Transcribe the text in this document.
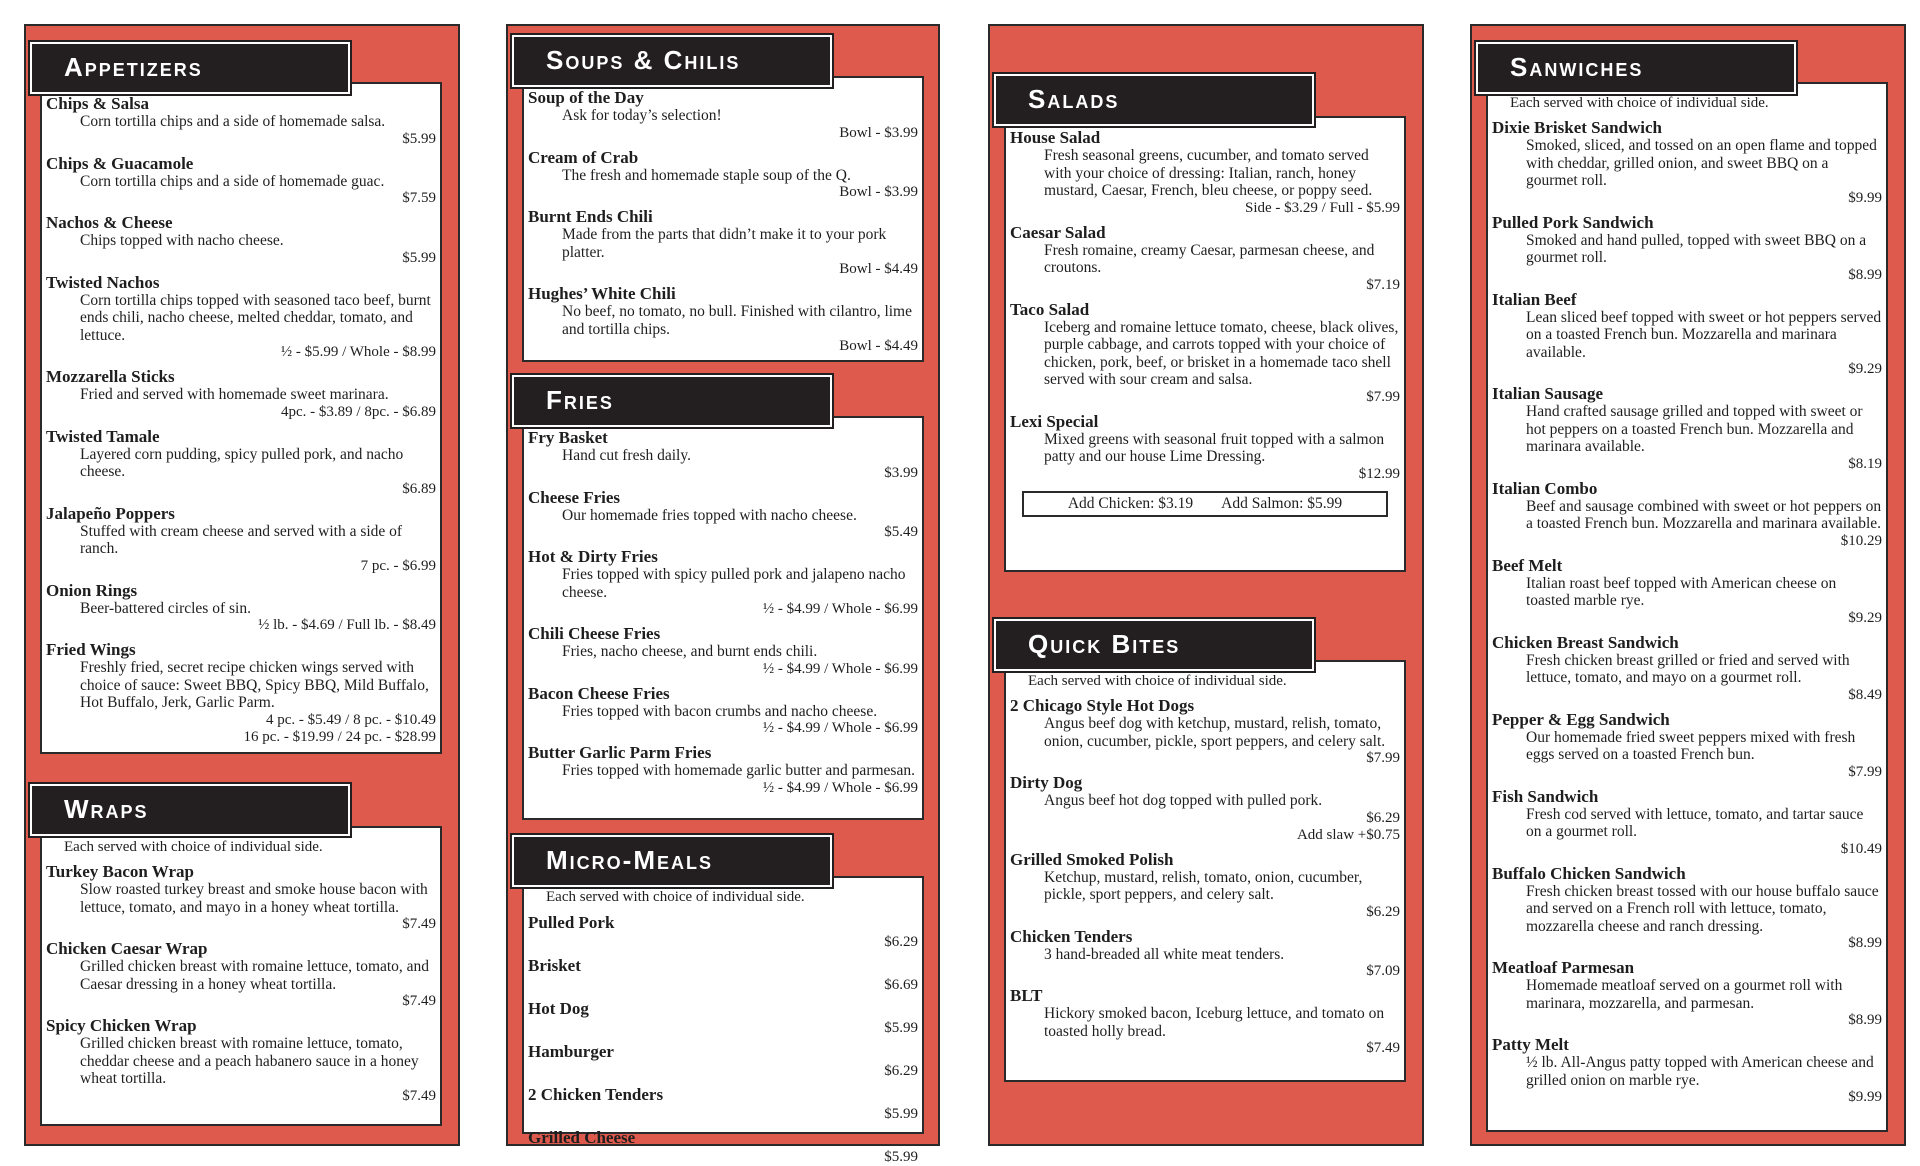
Chips & Salsa
Corn tortilla chips and a side of homemade salsa.
$5.99
Chips & Guacamole
Corn tortilla chips and a side of homemade guac.
$7.59
Nachos & Cheese
Chips topped with nacho cheese.
$5.99
Twisted Nachos
Corn tortilla chips topped with seasoned taco beef, burnt ends chili, nacho cheese, melted cheddar, tomato, and lettuce.
½ - $5.99 / Whole - $8.99
Mozzarella Sticks
Fried and served with homemade sweet marinara.
4pc. - $3.89 / 8pc. - $6.89
Twisted Tamale
Layered corn pudding, spicy pulled pork, and nacho cheese.
$6.89
Jalapeño Poppers
Stuffed with cream cheese and served with a side of ranch.
7 pc. - $6.99
Onion Rings
Beer-battered circles of sin.
½ lb. - $4.69 / Full lb. - $8.49
Fried Wings
Freshly fried, secret recipe chicken wings served with choice of sauce: Sweet BBQ, Spicy BBQ, Mild Buffalo, Hot Buffalo, Jerk, Garlic Parm.
4 pc. - $5.49 / 8 pc. - $10.49
16 pc. - $19.99 / 24 pc. - $28.99
Appetizers
Each served with choice of individual side.
Turkey Bacon Wrap
Slow roasted turkey breast and smoke house bacon with lettuce, tomato, and mayo in a honey wheat tortilla.
$7.49
Chicken Caesar Wrap
Grilled chicken breast with romaine lettuce, tomato, and Caesar dressing in a honey wheat tortilla.
$7.49
Spicy Chicken Wrap
Grilled chicken breast with romaine lettuce, tomato, cheddar cheese and a peach habanero sauce in a honey wheat tortilla.
$7.49
Wraps
Soup of the Day
Ask for today’s selection!
Bowl - $3.99
Cream of Crab
The fresh and homemade staple soup of the Q.
Bowl - $3.99
Burnt Ends Chili
Made from the parts that didn’t make it to your pork platter.
Bowl - $4.49
Hughes’ White Chili
No beef, no tomato, no bull. Finished with cilantro, lime and tortilla chips.
Bowl - $4.49
Soups & Chilis
Fry Basket
Hand cut fresh daily.
$3.99
Cheese Fries
Our homemade fries topped with nacho cheese.
$5.49
Hot & Dirty Fries
Fries topped with spicy pulled pork and jalapeno nacho cheese.
½ - $4.99 / Whole - $6.99
Chili Cheese Fries
Fries, nacho cheese, and burnt ends chili.
½ - $4.99 / Whole - $6.99
Bacon Cheese Fries
Fries topped with bacon crumbs and nacho cheese.
½ - $4.99 / Whole - $6.99
Butter Garlic Parm Fries
Fries topped with homemade garlic butter and parmesan.
½ - $4.99 / Whole - $6.99
Fries
Each served with choice of individual side.
Pulled Pork
$6.29
Brisket
$6.69
Hot Dog
$5.99
Hamburger
$6.29
2 Chicken Tenders
$5.99
Grilled Cheese
$5.99
Micro-Meals
House Salad
Fresh seasonal greens, cucumber, and tomato served with your choice of dressing: Italian, ranch, honey mustard, Caesar, French, bleu cheese, or poppy seed.
Side - $3.29 / Full - $5.99
Caesar Salad
Fresh romaine, creamy Caesar, parmesan cheese, and croutons.
$7.19
Taco Salad
Iceberg and romaine lettuce tomato, cheese, black olives, purple cabbage, and carrots topped with your choice of chicken, pork, beef, or brisket in a homemade taco shell served with sour cream and salsa.
$7.99
Lexi Special
Mixed greens with seasonal fruit topped with a salmon patty and our house Lime Dressing.
$12.99
Add Chicken: $3.19 Add Salmon: $5.99
Salads
Each served with choice of individual side.
2 Chicago Style Hot Dogs
Angus beef dog with ketchup, mustard, relish, tomato, onion, cucumber, pickle, sport peppers, and celery salt.
$7.99
Dirty Dog
Angus beef hot dog topped with pulled pork.
$6.29
Add slaw +$0.75
Grilled Smoked Polish
Ketchup, mustard, relish, tomato, onion, cucumber, pickle, sport peppers, and celery salt.
$6.29
Chicken Tenders
3 hand-breaded all white meat tenders.
$7.09
BLT
Hickory smoked bacon, Iceburg lettuce, and tomato on toasted holly bread.
$7.49
Quick Bites
Each served with choice of individual side.
Dixie Brisket Sandwich
Smoked, sliced, and tossed on an open flame and topped with cheddar, grilled onion, and sweet BBQ on a gourmet roll.
$9.99
Pulled Pork Sandwich
Smoked and hand pulled, topped with sweet BBQ on a gourmet roll.
$8.99
Italian Beef
Lean sliced beef topped with sweet or hot peppers served on a toasted French bun. Mozzarella and marinara available.
$9.29
Italian Sausage
Hand crafted sausage grilled and topped with sweet or hot peppers on a toasted French bun. Mozzarella and marinara available.
$8.19
Italian Combo
Beef and sausage combined with sweet or hot peppers on a toasted French bun. Mozzarella and marinara available.
$10.29
Beef Melt
Italian roast beef topped with American cheese on toasted marble rye.
$9.29
Chicken Breast Sandwich
Fresh chicken breast grilled or fried and served with lettuce, tomato, and mayo on a gourmet roll.
$8.49
Pepper & Egg Sandwich
Our homemade fried sweet peppers mixed with fresh eggs served on a toasted French bun.
$7.99
Fish Sandwich
Fresh cod served with lettuce, tomato, and tartar sauce on a gourmet roll.
$10.49
Buffalo Chicken Sandwich
Fresh chicken breast tossed with our house buffalo sauce and served on a French roll with lettuce, tomato, mozzarella cheese and ranch dressing.
$8.99
Meatloaf Parmesan
Homemade meatloaf served on a gourmet roll with marinara, mozzarella, and parmesan.
$8.99
Patty Melt
½ lb. All-Angus patty topped with American cheese and grilled onion on marble rye.
$9.99
Sanwiches
